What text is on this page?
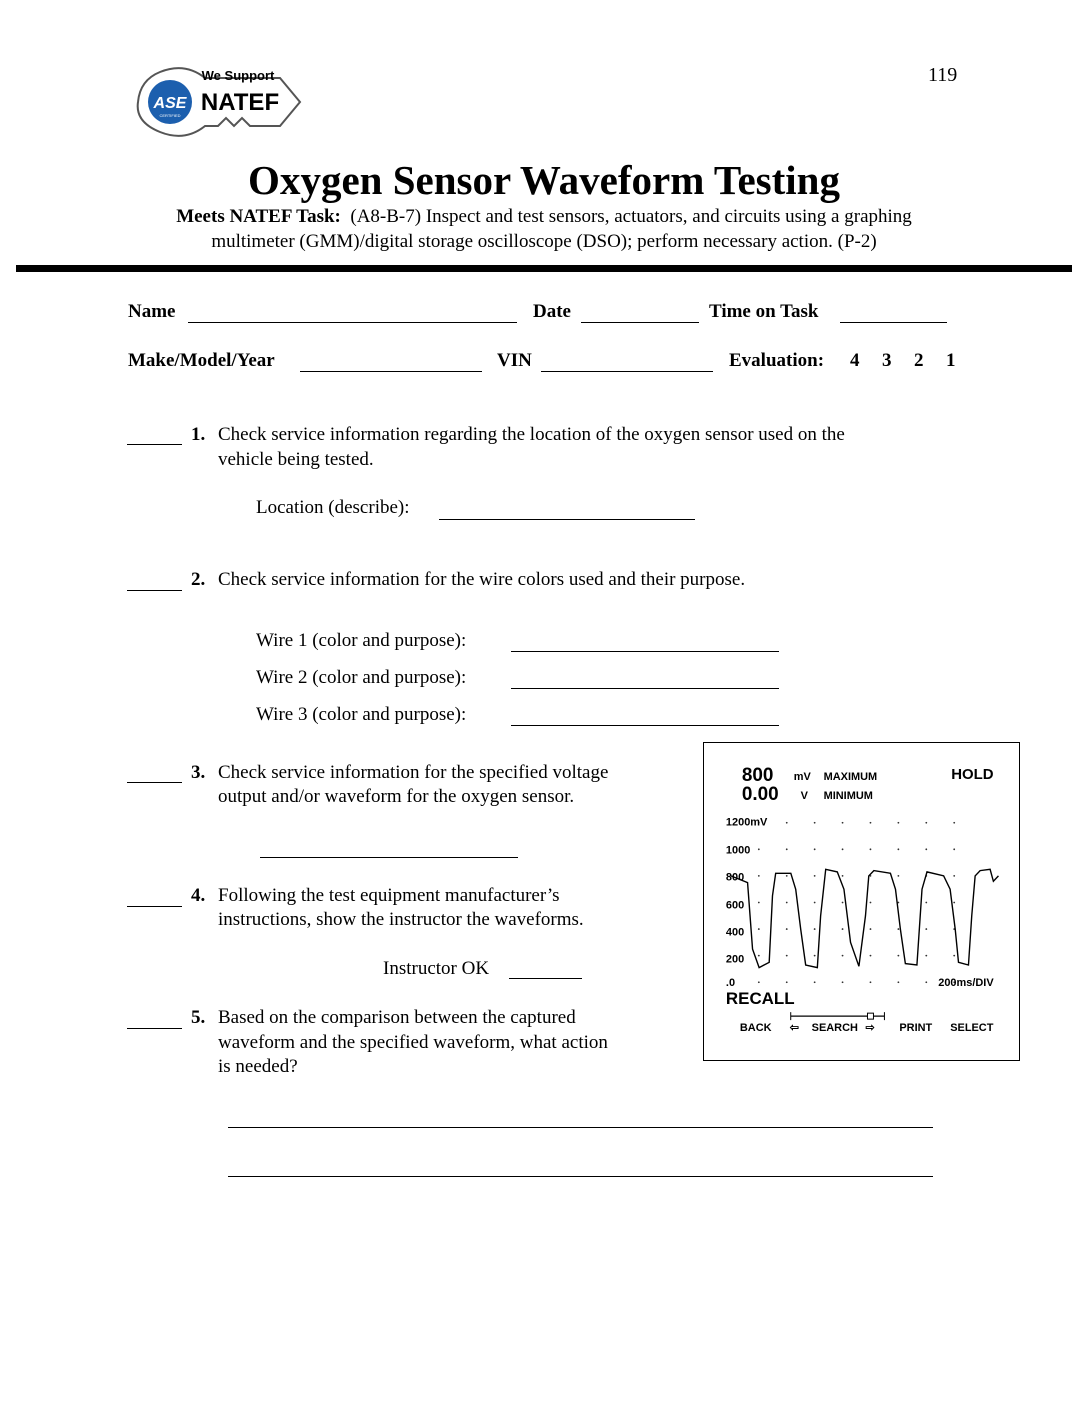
119
ASE
CERTIFIED
We Support
NATEF
Oxygen Sensor Waveform Testing
Meets NATEF Task: (A8-B-7) Inspect and test sensors, actuators, and circuits using a graphing
multimeter (GMM)/digital storage oscilloscope (DSO); perform necessary action. (P-2)
Name	Date	Time on Task
Make/Model/Year	VIN	Evaluation: 4 3 2 1
1. Check service information regarding the location of the oxygen sensor used on the
vehicle being tested.
Location (describe):
2. Check service information for the wire colors used and their purpose.
Wire 1 (color and purpose):
Wire 2 (color and purpose):
Wire 3 (color and purpose):
3. Check service information for the specified voltage
output and/or waveform for the oxygen sensor.
4. Following the test equipment manufacturer’s
instructions, show the instructor the waveforms.
Instructor OK
5. Based on the comparison between the captured
waveform and the specified waveform, what action
is needed?
800 mV MAXIMUM
0.00 V MINIMUM
HOLD
1200mV
1000
800
600
400
200
.0	200ms/DIV
RECALL
BACK ⇦ SEARCH ⇨ PRINT SELECT
